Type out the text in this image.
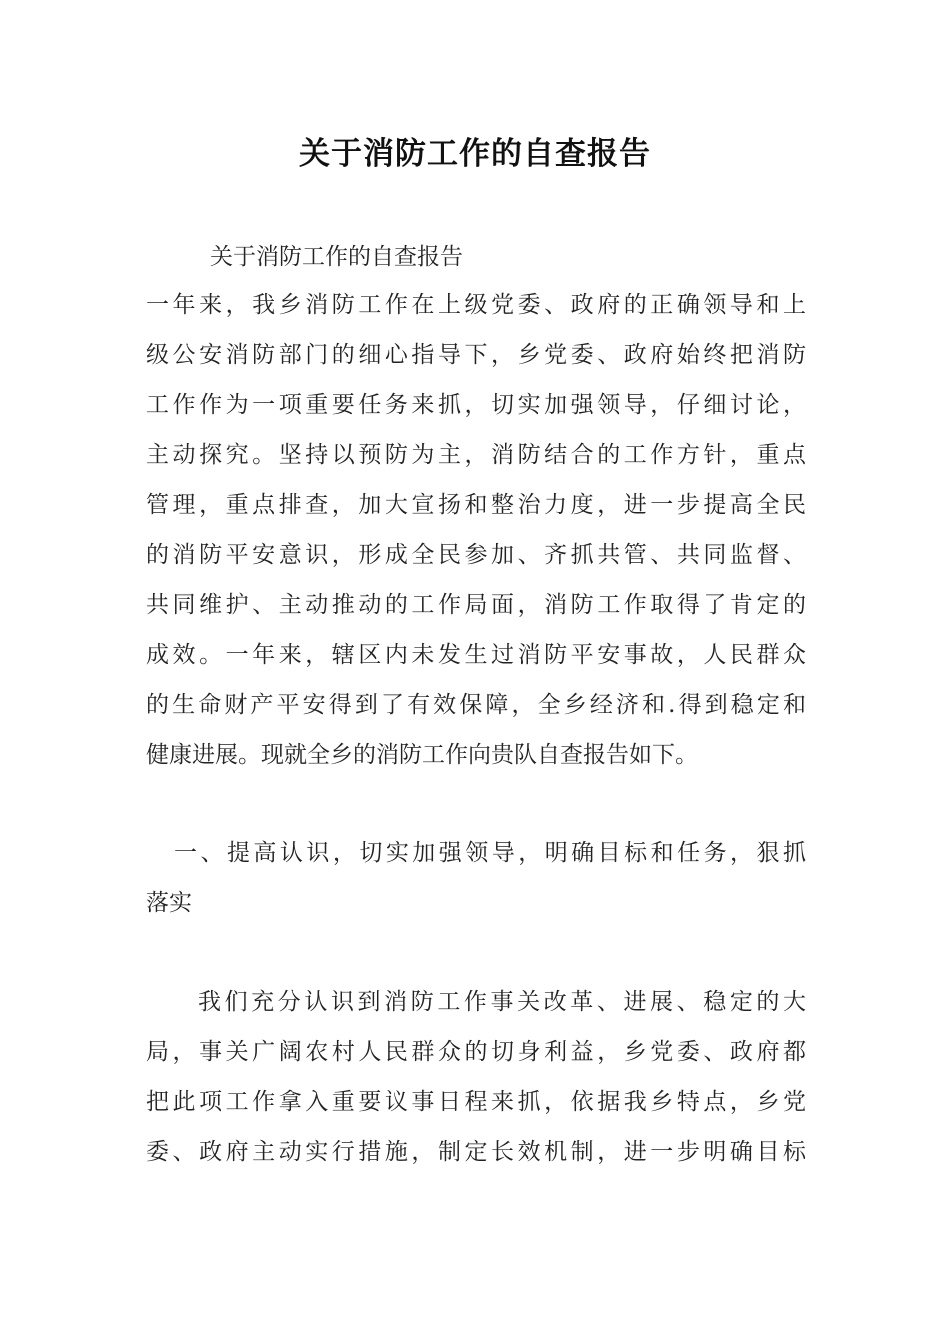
关于消防工作的自查报告
关于消防工作的自查报告
一年来，我乡消防工作在上级党委、政府的正确领导和上
级公安消防部门的细心指导下，乡党委、政府始终把消防
工作作为一项重要任务来抓，切实加强领导，仔细讨论，
主动探究。坚持以预防为主，消防结合的工作方针，重点
管理，重点排查，加大宣扬和整治力度，进一步提高全民
的消防平安意识，形成全民参加、齐抓共管、共同监督、
共同维护、主动推动的工作局面，消防工作取得了肯定的
成效。一年来，辖区内未发生过消防平安事故，人民群众
的生命财产平安得到了有效保障，全乡经济和.得到稳定和
健康进展。现就全乡的消防工作向贵队自查报告如下。
一、提高认识，切实加强领导，明确目标和任务，狠抓
落实
我们充分认识到消防工作事关改革、进展、稳定的大
局，事关广阔农村人民群众的切身利益，乡党委、政府都
把此项工作拿入重要议事日程来抓，依据我乡特点，乡党
委、政府主动实行措施，制定长效机制，进一步明确目标
